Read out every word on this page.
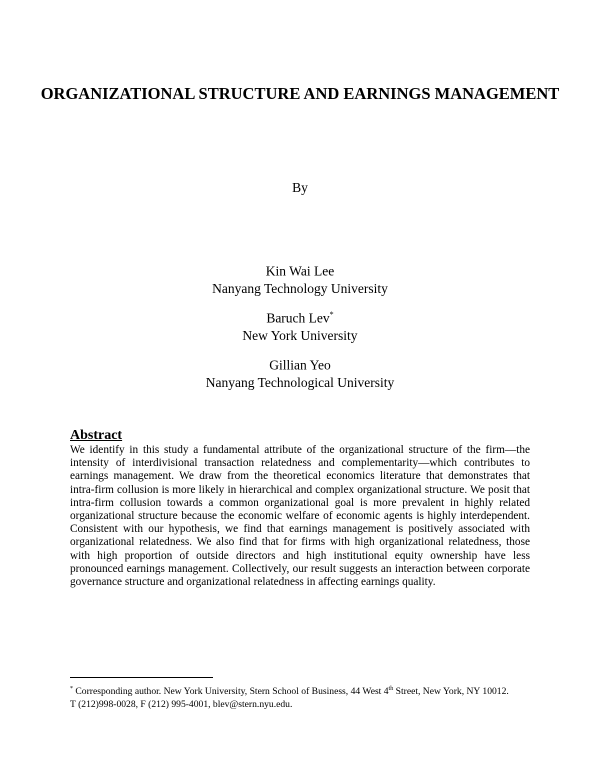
ORGANIZATIONAL STRUCTURE AND EARNINGS MANAGEMENT
By
Kin Wai Lee
Nanyang Technology University
Baruch Lev*
New York University
Gillian Yeo
Nanyang Technological University
Abstract

We identify in this study a fundamental attribute of the organizational structure of the firm—the intensity of interdivisional transaction relatedness and complementarity—which contributes to earnings management. We draw from the theoretical economics literature that demonstrates that intra-firm collusion is more likely in hierarchical and complex organizational structure. We posit that intra-firm collusion towards a common organizational goal is more prevalent in highly related organizational structure because the economic welfare of economic agents is highly interdependent. Consistent with our hypothesis, we find that earnings management is positively associated with organizational relatedness. We also find that for firms with high organizational relatedness, those with high proportion of outside directors and high institutional equity ownership have less pronounced earnings management. Collectively, our result suggests an interaction between corporate governance structure and organizational relatedness in affecting earnings quality.

* Corresponding author. New York University, Stern School of Business, 44 West 4th Street, New York, NY 10012.
T (212)998-0028, F (212) 995-4001, blev@stern.nyu.edu.
